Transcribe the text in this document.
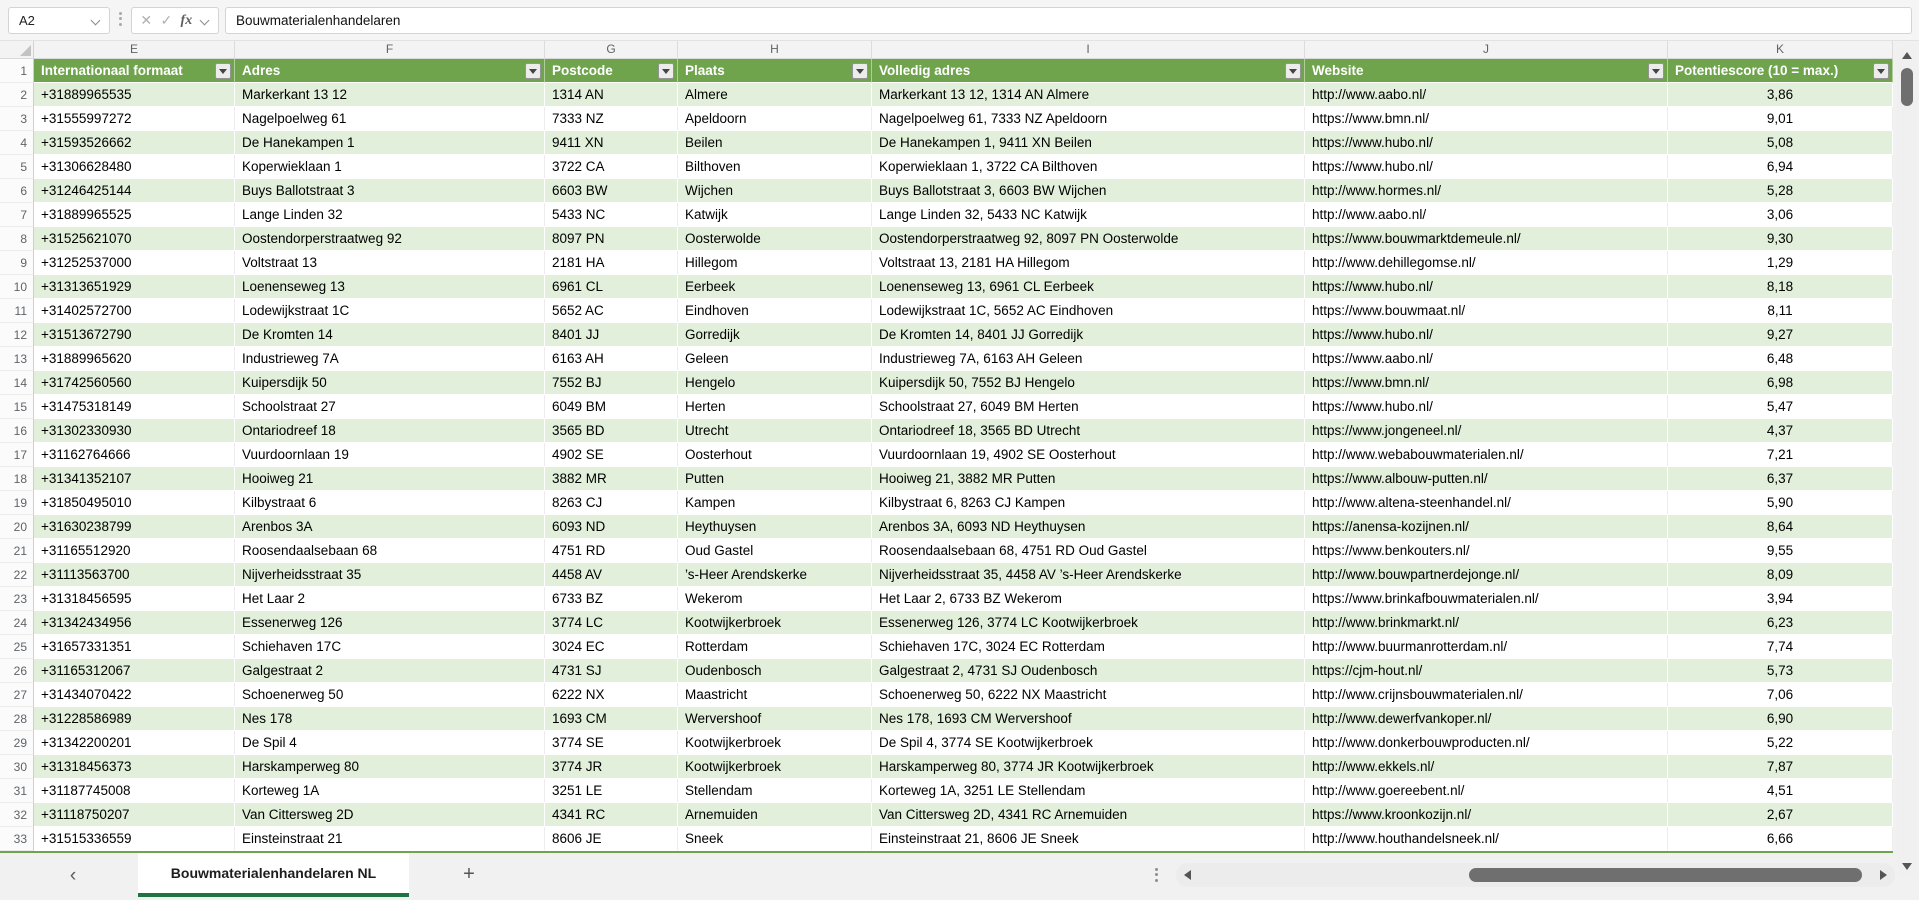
A2	✕ ✓ fx	Bouwmaterialenhandelaren
E	F	G	H	I	J	K
1	Internationaal formaat	Adres	Postcode	Plaats	Volledig adres	Website	Potentiescore (10 = max.)
2	+31889965535	Markerkant 13 12	1314 AN	Almere	Markerkant 13 12, 1314 AN Almere	http://www.aabo.nl/	3,86
3	+31555997272	Nagelpoelweg 61	7333 NZ	Apeldoorn	Nagelpoelweg 61, 7333 NZ Apeldoorn	https://www.bmn.nl/	9,01
4	+31593526662	De Hanekampen 1	9411 XN	Beilen	De Hanekampen 1, 9411 XN Beilen	https://www.hubo.nl/	5,08
5	+31306628480	Koperwieklaan 1	3722 CA	Bilthoven	Koperwieklaan 1, 3722 CA Bilthoven	https://www.hubo.nl/	6,94
6	+31246425144	Buys Ballotstraat 3	6603 BW	Wijchen	Buys Ballotstraat 3, 6603 BW Wijchen	http://www.hormes.nl/	5,28
7	+31889965525	Lange Linden 32	5433 NC	Katwijk	Lange Linden 32, 5433 NC Katwijk	http://www.aabo.nl/	3,06
8	+31525621070	Oostendorperstraatweg 92	8097 PN	Oosterwolde	Oostendorperstraatweg 92, 8097 PN Oosterwolde	https://www.bouwmarktdemeule.nl/	9,30
9	+31252537000	Voltstraat 13	2181 HA	Hillegom	Voltstraat 13, 2181 HA Hillegom	http://www.dehillegomse.nl/	1,29
10	+31313651929	Loenenseweg 13	6961 CL	Eerbeek	Loenenseweg 13, 6961 CL Eerbeek	https://www.hubo.nl/	8,18
11	+31402572700	Lodewijkstraat 1C	5652 AC	Eindhoven	Lodewijkstraat 1C, 5652 AC Eindhoven	https://www.bouwmaat.nl/	8,11
12	+31513672790	De Kromten 14	8401 JJ	Gorredijk	De Kromten 14, 8401 JJ Gorredijk	https://www.hubo.nl/	9,27
13	+31889965620	Industrieweg 7A	6163 AH	Geleen	Industrieweg 7A, 6163 AH Geleen	https://www.aabo.nl/	6,48
14	+31742560560	Kuipersdijk 50	7552 BJ	Hengelo	Kuipersdijk 50, 7552 BJ Hengelo	https://www.bmn.nl/	6,98
15	+31475318149	Schoolstraat 27	6049 BM	Herten	Schoolstraat 27, 6049 BM Herten	https://www.hubo.nl/	5,47
16	+31302330930	Ontariodreef 18	3565 BD	Utrecht	Ontariodreef 18, 3565 BD Utrecht	https://www.jongeneel.nl/	4,37
17	+31162764666	Vuurdoornlaan 19	4902 SE	Oosterhout	Vuurdoornlaan 19, 4902 SE Oosterhout	http://www.webabouwmaterialen.nl/	7,21
18	+31341352107	Hooiweg 21	3882 MR	Putten	Hooiweg 21, 3882 MR Putten	https://www.albouw-putten.nl/	6,37
19	+31850495010	Kilbystraat 6	8263 CJ	Kampen	Kilbystraat 6, 8263 CJ Kampen	http://www.altena-steenhandel.nl/	5,90
20	+31630238799	Arenbos 3A	6093 ND	Heythuysen	Arenbos 3A, 6093 ND Heythuysen	https://anensa-kozijnen.nl/	8,64
21	+31165512920	Roosendaalsebaan 68	4751 RD	Oud Gastel	Roosendaalsebaan 68, 4751 RD Oud Gastel	https://www.benkouters.nl/	9,55
22	+31113563700	Nijverheidsstraat 35	4458 AV	’s-Heer Arendskerke	Nijverheidsstraat 35, 4458 AV ’s-Heer Arendskerke	http://www.bouwpartnerdejonge.nl/	8,09
23	+31318456595	Het Laar 2	6733 BZ	Wekerom	Het Laar 2, 6733 BZ Wekerom	https://www.brinkafbouwmaterialen.nl/	3,94
24	+31342434956	Essenerweg 126	3774 LC	Kootwijkerbroek	Essenerweg 126, 3774 LC Kootwijkerbroek	http://www.brinkmarkt.nl/	6,23
25	+31657331351	Schiehaven 17C	3024 EC	Rotterdam	Schiehaven 17C, 3024 EC Rotterdam	http://www.buurmanrotterdam.nl/	7,74
26	+31165312067	Galgestraat 2	4731 SJ	Oudenbosch	Galgestraat 2, 4731 SJ Oudenbosch	https://cjm-hout.nl/	5,73
27	+31434070422	Schoenerweg 50	6222 NX	Maastricht	Schoenerweg 50, 6222 NX Maastricht	http://www.crijnsbouwmaterialen.nl/	7,06
28	+31228586989	Nes 178	1693 CM	Wervershoof	Nes 178, 1693 CM Wervershoof	http://www.dewerfvankoper.nl/	6,90
29	+31342200201	De Spil 4	3774 SE	Kootwijkerbroek	De Spil 4, 3774 SE Kootwijkerbroek	http://www.donkerbouwproducten.nl/	5,22
30	+31318456373	Harskamperweg 80	3774 JR	Kootwijkerbroek	Harskamperweg 80, 3774 JR Kootwijkerbroek	http://www.ekkels.nl/	7,87
31	+31187745008	Korteweg 1A	3251 LE	Stellendam	Korteweg 1A, 3251 LE Stellendam	http://www.goereebent.nl/	4,51
32	+31118750207	Van Cittersweg 2D	4341 RC	Arnemuiden	Van Cittersweg 2D, 4341 RC Arnemuiden	https://www.kroonkozijn.nl/	2,67
33	+31515336559	Einsteinstraat 21	8606 JE	Sneek	Einsteinstraat 21, 8606 JE Sneek	http://www.houthandelsneek.nl/	6,66
‹	Bouwmaterialenhandelaren NL	+
